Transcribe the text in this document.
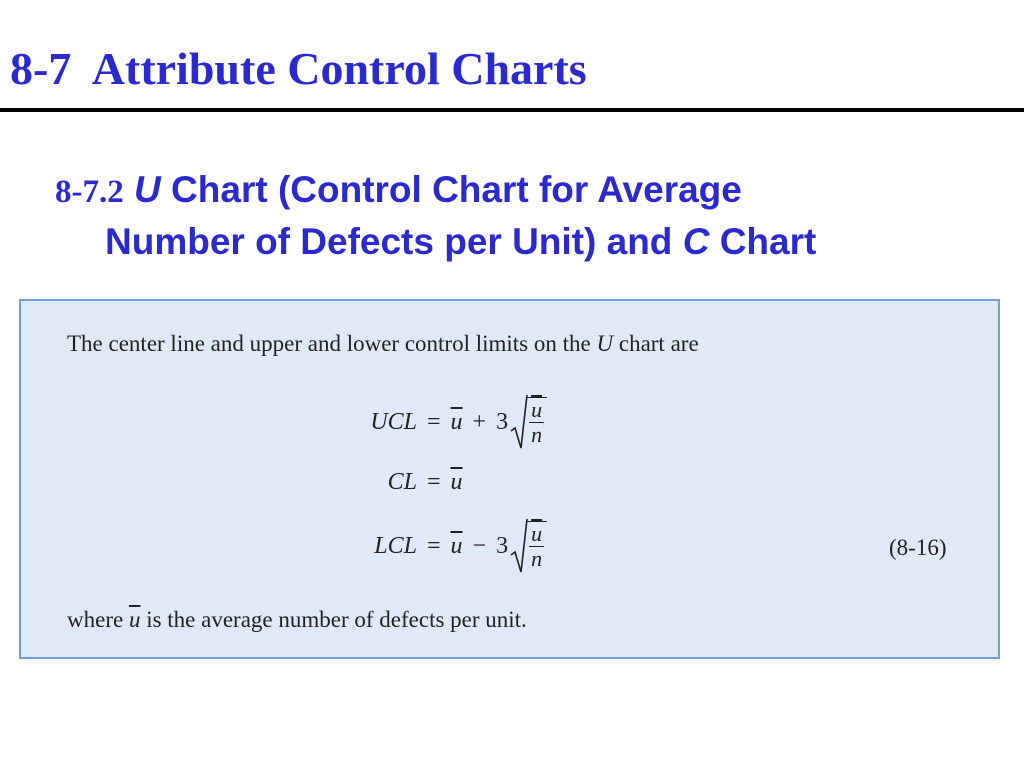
8-7  Attribute Control Charts
8-7.2 U Chart (Control Chart for Average
Number of Defects per Unit) and C Chart
The center line and upper and lower control limits on the U chart are
UCL = $\overline{u} + 3 \frac{\overline{u}}{n}$
CL = $\overline{u}$
LCL = $\overline{u} - 3 \frac{\overline{u}}{n}$	(8-16)
where $\overline{u}$ is the average number of defects per unit.
